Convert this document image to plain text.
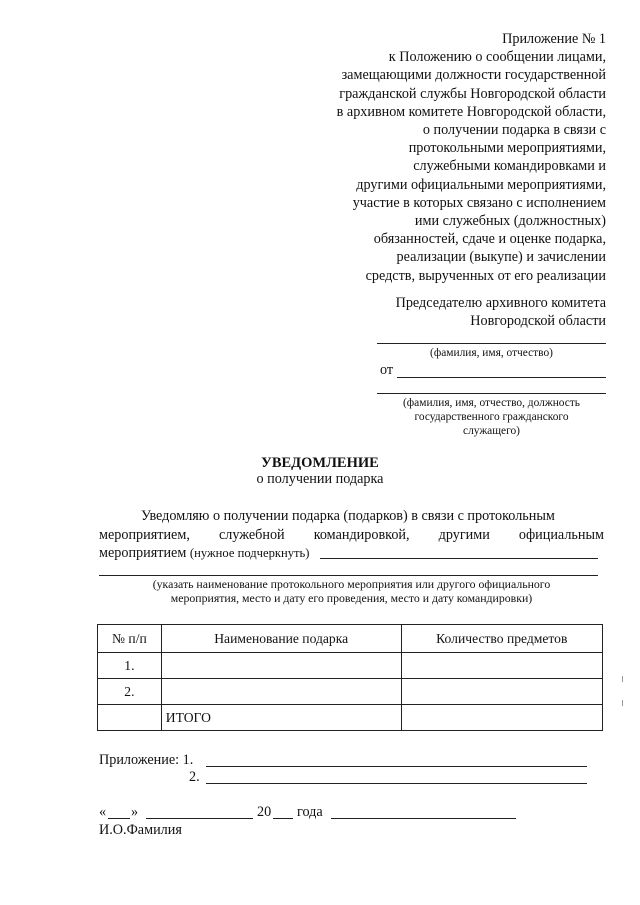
Приложение № 1
к Положению о сообщении лицами,
замещающими должности государственной
гражданской службы Новгородской области
в архивном комитете Новгородской области,
о получении подарка в связи с
протокольными мероприятиями,
служебными командировками и
другими официальными мероприятиями,
участие в которых связано с исполнением
ими служебных (должностных)
обязанностей, сдаче и оценке подарка,
реализации (выкупе) и зачислении
средств, вырученных от его реализации
Председателю архивного комитета
Новгородской области
(фамилия, имя, отчество)
от
(фамилия, имя, отчество, должность
государственного гражданского
служащего)
УВЕДОМЛЕНИЕ
о получении подарка
Уведомляю о получении подарка (подарков) в связи с протокольным
мероприятием, служебной командировкой, другими официальным
мероприятием (нужное подчеркнуть)
(указать наименование протокольного мероприятия или другого официального
мероприятия, место и дату его проведения, место и дату командировки)
№ п/п	Наименование подарка	Количество предметов
1.		
2.		
	ИТОГО	
Приложение: 1.
2.
« »	20 года
И.О.Фамилия
